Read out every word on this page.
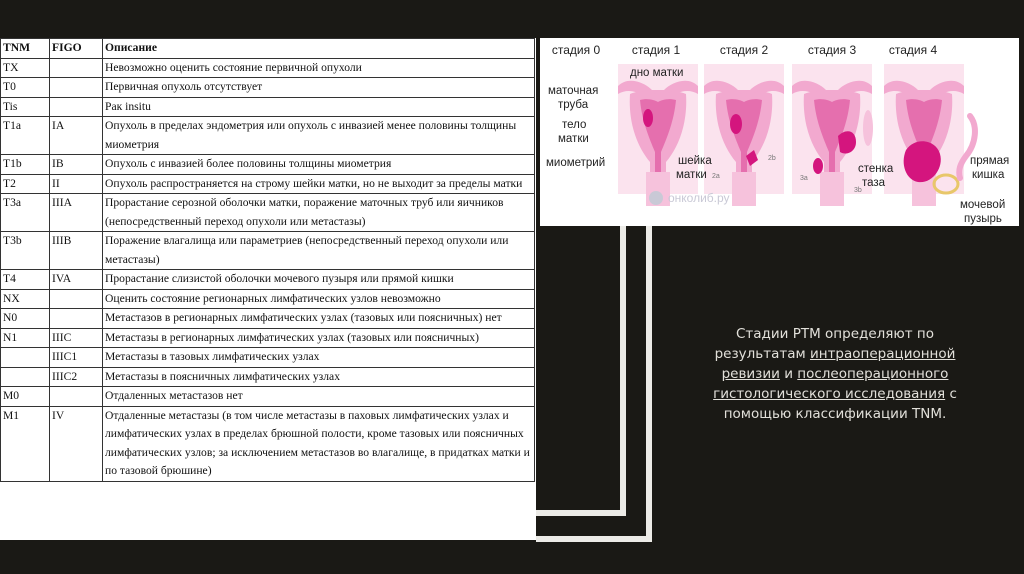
TNM	FIGO	Описание
TX		Невозможно оценить состояние первичной опухоли
T0		Первичная опухоль отсутствует
Tis		Рак insitu
T1a	IA	Опухоль в пределах эндометрия или опухоль с инвазией менее половины толщины миометрия
T1b	IB	Опухоль с инвазией более половины толщины миометрия
T2	II	Опухоль распространяется на строму шейки матки, но не выходит за пределы матки
T3a	IIIA	Прорастание серозной оболочки матки, поражение маточных труб или яичников (непосредственный переход опухоли или метастазы)
T3b	IIIB	Поражение влагалища или параметриев (непосредственный переход опухоли или метастазы)
T4	IVA	Прорастание слизистой оболочки мочевого пузыря или прямой кишки
NX		Оценить состояние регионарных лимфатических узлов невозможно
N0		Метастазов в регионарных лимфатических узлах (тазовых или поясничных) нет
N1	IIIC	Метастазы в регионарных лимфатических узлах (тазовых или поясничных)
	IIIC1	Метастазы в тазовых лимфатических узлах
	IIIC2	Метастазы в поясничных лимфатических узлах
M0		Отдаленных метастазов нет
M1	IV	Отдаленные метастазы (в том числе метастазы в паховых лимфатических узлах и лимфатических узлах в пределах брюшной полости, кроме тазовых или поясничных лимфатических узлов; за исключением метастазов во влагалище, в придатках матки и по тазовой брюшине)
стадия 0	стадия 1	стадия 2	стадия 3	стадия 4
дно матки
маточная
труба
тело
матки
миометрий	шейка
матки	стенка
таза
прямая
кишка
мочевой
пузырь
2a
2b
3a
3b
онколиб.ру
Стадии РТМ определяют по результатам интраоперационной ревизии и послеоперационного гистологического исследования с помощью классификации TNM.
